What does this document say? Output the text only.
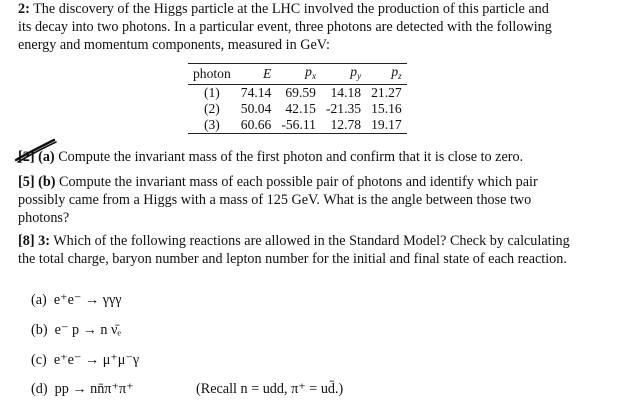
2: The discovery of the Higgs particle at the LHC involved the production of this particle and
its decay into two photons. In a particular event, three photons are detected with the following
energy and momentum components, measured in GeV:
photon	E	$p_x$	$p_y$	$p_z$
(1)	74.14	69.59	14.18	21.27
(2)	50.04	42.15	-21.35	15.16
(3)	60.66	-56.11	12.78	19.17
[2] (a) Compute the invariant mass of the first photon and confirm that it is close to zero.
[5] (b) Compute the invariant mass of each possible pair of photons and identify which pair
possibly came from a Higgs with a mass of 125 GeV. What is the angle between those two
photons?
[8] 3: Which of the following reactions are allowed in the Standard Model? Check by calculating
the total charge, baryon number and lepton number for the initial and final state of each reaction.
(a) e⁺e⁻ → γγγ
(b) e⁻ p → n ν̄ₑ
(c) e⁺e⁻ → μ⁺μ⁻γ
(d) pp → nn̄π⁺π⁺	(Recall n = udd, π⁺ = ud̄.)
